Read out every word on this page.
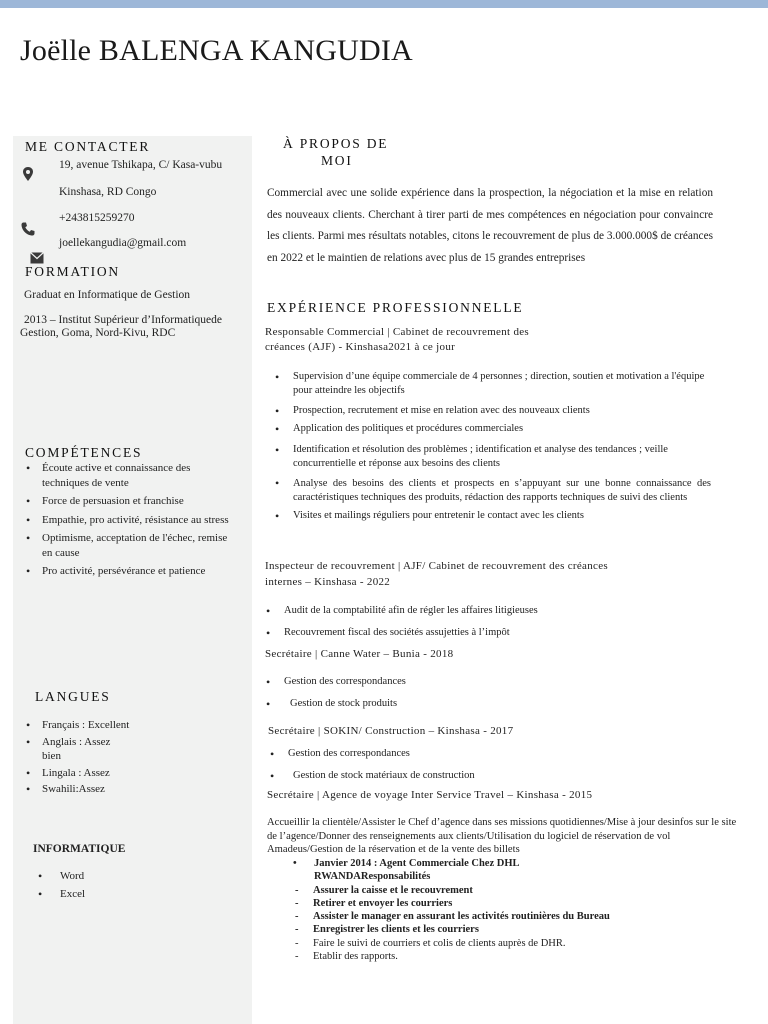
Joëlle BALENGA KANGUDIA
ME CONTACTER
19, avenue Tshikapa, C/ Kasa-vubu
Kinshasa, RD Congo
+243815259270
joellekangudia@gmail.com
FORMATION
Graduat en Informatique de Gestion
2013 – Institut Supérieur d’Informatiquede
Gestion, Goma, Nord-Kivu, RDC
COMPÉTENCES
• Écoute active et connaissance des techniques de vente
• Force de persuasion et franchise
• Empathie, pro activité, résistance au stress
• Optimisme, acceptation de l'échec, remise en cause
• Pro activité, persévérance et patience
LANGUES
• Français : Excellent
• Anglais : Assez bien
• Lingala : Assez
• Swahili:Assez
INFORMATIQUE
• Word
• Excel
À PROPOS DE
MOI

Commercial avec une solide expérience dans la prospection, la négociation et la mise en relation des nouveaux clients. Cherchant à tirer parti de mes compétences en négociation pour convaincre les clients. Parmi mes résultats notables, citons le recouvrement de plus de 3.000.000$ de créances en 2022 et le maintien de relations avec plus de 15 grandes entreprises

EXPÉRIENCE PROFESSIONNELLE
Responsable Commercial | Cabinet de recouvrement des
créances (AJF) - Kinshasa2021 à ce jour
• Supervision d’une équipe commerciale de 4 personnes ; direction, soutien et motivation a l'équipe pour atteindre les objectifs
• Prospection, recrutement et mise en relation avec des nouveaux clients
• Application des politiques et procédures commerciales
• Identification et résolution des problèmes ; identification et analyse des tendances ; veille concurrentielle et réponse aux besoins des clients
• Analyse des besoins des clients et prospects en s’appuyant sur une bonne connaissance des caractéristiques techniques des produits, rédaction des rapports techniques de suivi des clients
• Visites et mailings réguliers pour entretenir le contact avec les clients
Inspecteur de recouvrement | AJF/ Cabinet de recouvrement des créances
internes – Kinshasa - 2022
• Audit de la comptabilité afin de régler les affaires litigieuses
• Recouvrement fiscal des sociétés assujetties à l’impôt
Secrétaire | Canne Water – Bunia - 2018
• Gestion des correspondances
• Gestion de stock produits
Secrétaire | SOKIN/ Construction – Kinshasa - 2017
• Gestion des correspondances
• Gestion de stock matériaux de construction
Secrétaire | Agence de voyage Inter Service Travel – Kinshasa - 2015

Accueillir la clientèle/Assister le Chef d’agence dans ses missions quotidiennes/Mise à jour desinfos sur le site de l’agence/Donner des renseignements aux clients/Utilisation du logiciel de réservation de vol Amadeus/Gestion de la réservation et de la vente des billets

• Janvier 2014 : Agent Commerciale Chez DHL
RWANDAResponsabilités
- Assurer la caisse et le recouvrement
- Retirer et envoyer les courriers
- Assister le manager en assurant les activités routinières du Bureau
- Enregistrer les clients et les courriers
- Faire le suivi de courriers et colis de clients auprès de DHR.
- Etablir des rapports.
